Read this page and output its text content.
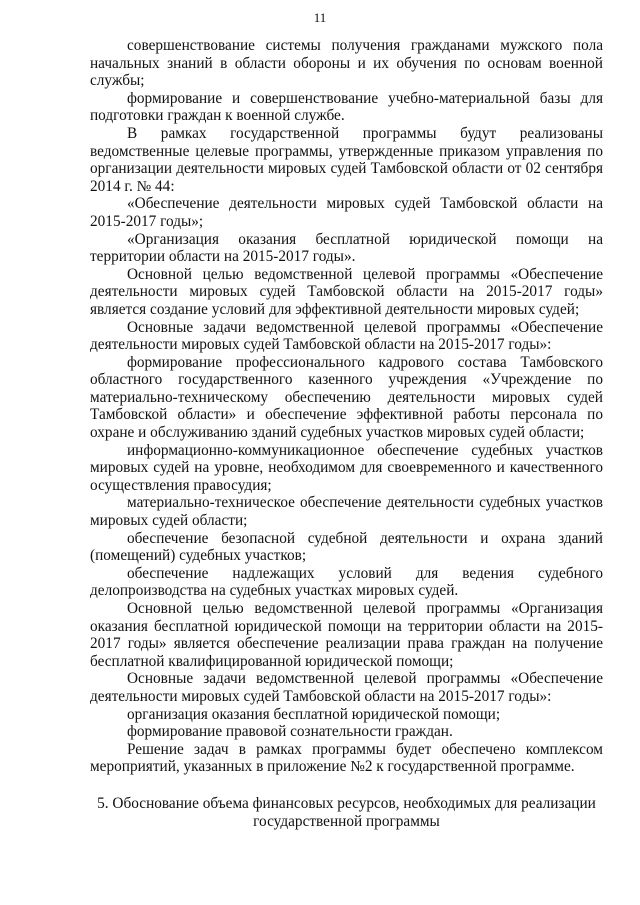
11

совершенствование системы получения гражданами мужского пола начальных знаний в области обороны и их обучения по основам военной службы;

формирование и совершенствование учебно-материальной базы для подготовки граждан к военной службе.

В рамках государственной программы будут реализованы ведомственные целевые программы, утвержденные приказом управления по организации деятельности мировых судей Тамбовской области от 02 сентября 2014 г. № 44:

«Обеспечение деятельности мировых судей Тамбовской области на 2015-2017 годы»;

«Организация оказания бесплатной юридической помощи на территории области на 2015-2017 годы».

Основной целью ведомственной целевой программы «Обеспечение деятельности мировых судей Тамбовской области на 2015-2017 годы» является создание условий для эффективной деятельности мировых судей;

Основные задачи ведомственной целевой программы «Обеспечение деятельности мировых судей Тамбовской области на 2015-2017 годы»:

формирование профессионального кадрового состава Тамбовского областного государственного казенного учреждения «Учреждение по материально-техническому обеспечению деятельности мировых судей Тамбовской области» и обеспечение эффективной работы персонала по охране и обслуживанию зданий судебных участков мировых судей области;

информационно-коммуникационное обеспечение судебных участков мировых судей на уровне, необходимом для своевременного и качественного осуществления правосудия;

материально-техническое обеспечение деятельности судебных участков мировых судей области;

обеспечение безопасной судебной деятельности и охрана зданий (помещений) судебных участков;

обеспечение надлежащих условий для ведения судебного делопроизводства на судебных участках мировых судей.

Основной целью ведомственной целевой программы «Организация оказания бесплатной юридической помощи на территории области на 2015-2017 годы» является обеспечение реализации права граждан на получение бесплатной квалифицированной юридической помощи;

Основные задачи ведомственной целевой программы «Обеспечение деятельности мировых судей Тамбовской области на 2015-2017 годы»:

организация оказания бесплатной юридической помощи;

формирование правовой сознательности граждан.

Решение задач в рамках программы будет обеспечено комплексом мероприятий, указанных в приложение №2 к государственной программе.

5. Обоснование объема финансовых ресурсов, необходимых для реализации
государственной программы
